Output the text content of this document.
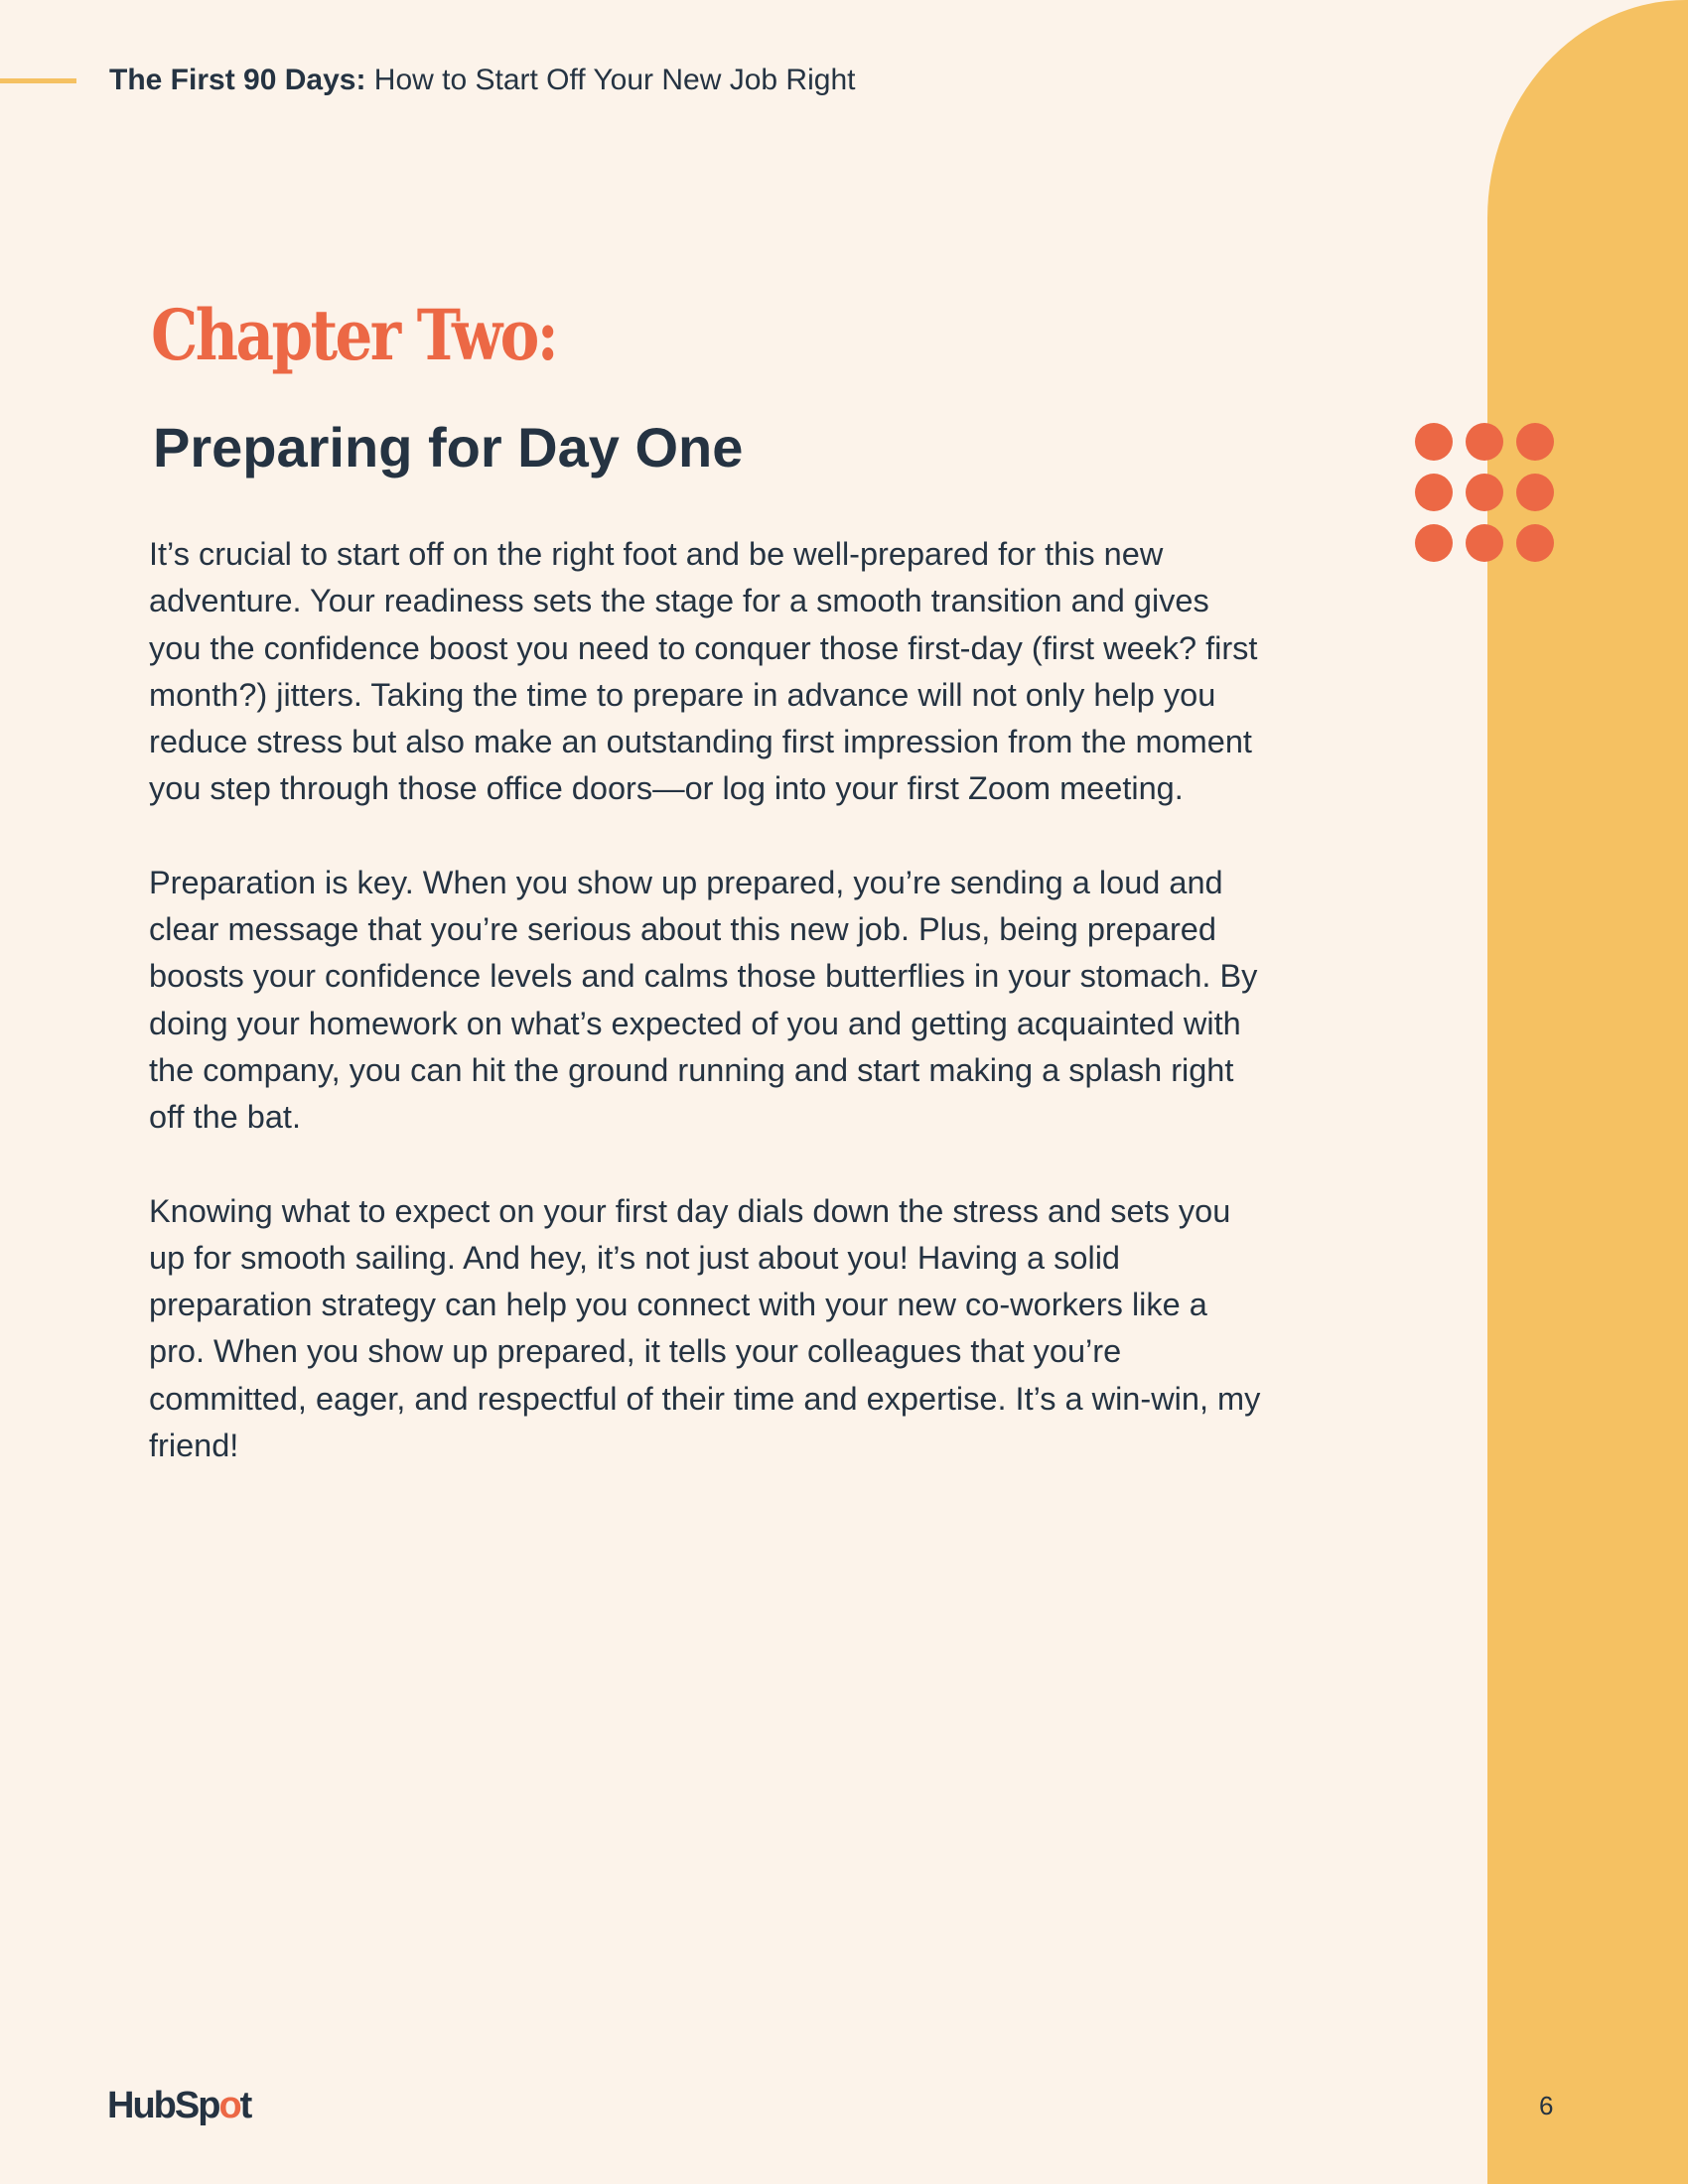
The First 90 Days: How to Start Off Your New Job Right
Chapter Two:
Preparing for Day One

It’s crucial to start off on the right foot and be well-prepared for this new adventure. Your readiness sets the stage for a smooth transition and gives you the confidence boost you need to conquer those first-day (first week? first month?) jitters. Taking the time to prepare in advance will not only help you reduce stress but also make an outstanding first impression from the moment you step through those office doors—or log into your first Zoom meeting.

Preparation is key. When you show up prepared, you’re sending a loud and clear message that you’re serious about this new job. Plus, being prepared boosts your confidence levels and calms those butterflies in your stomach. By doing your homework on what’s expected of you and getting acquainted with the company, you can hit the ground running and start making a splash right off the bat.

Knowing what to expect on your first day dials down the stress and sets you up for smooth sailing. And hey, it’s not just about you! Having a solid preparation strategy can help you connect with your new co-workers like a pro. When you show up prepared, it tells your colleagues that you’re committed, eager, and respectful of their time and expertise. It’s a win-win, my friend!

HubSpot	6
